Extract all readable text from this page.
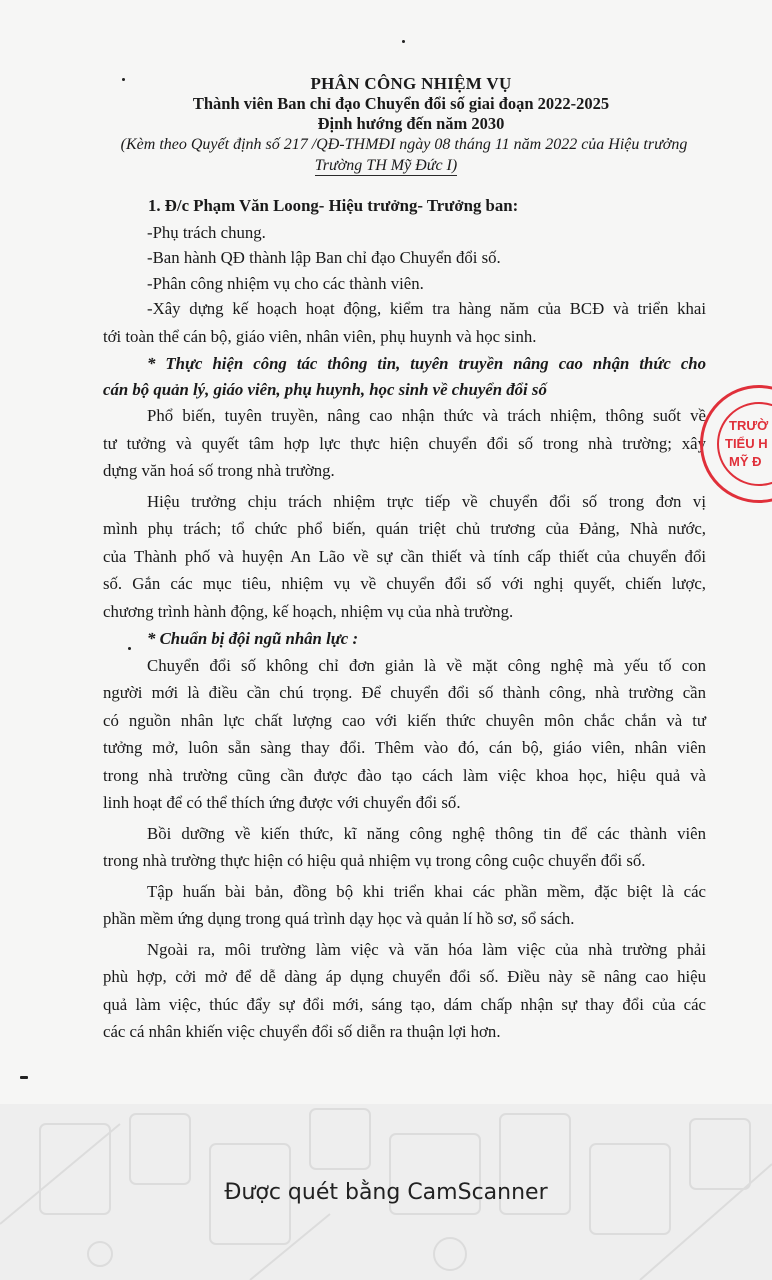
PHÂN CÔNG NHIỆM VỤ
Thành viên Ban chỉ đạo Chuyển đổi số giai đoạn 2022-2025
Định hướng đến năm 2030
(Kèm theo Quyết định số 217 /QĐ-THMĐI ngày 08 tháng 11 năm 2022 của Hiệu trưởng
Trường TH Mỹ Đức I)
1. Đ/c Phạm Văn Loong- Hiệu trưởng- Trưởng ban:
-Phụ trách chung.
-Ban hành QĐ thành lập Ban chỉ đạo Chuyển đổi số.
-Phân công nhiệm vụ cho các thành viên.
-Xây dựng kế hoạch hoạt động, kiểm tra hàng năm của BCĐ và triển khai
tới toàn thể cán bộ, giáo viên, nhân viên, phụ huynh và học sinh.
* Thực hiện công tác thông tin, tuyên truyền nâng cao nhận thức cho
cán bộ quản lý, giáo viên, phụ huynh, học sinh về chuyển đổi số
Phổ biến, tuyên truyền, nâng cao nhận thức và trách nhiệm, thông suốt về
tư tưởng và quyết tâm hợp lực thực hiện chuyển đổi số trong nhà trường; xây
dựng văn hoá số trong nhà trường.
Hiệu trưởng chịu trách nhiệm trực tiếp về chuyển đổi số trong đơn vị
mình phụ trách; tổ chức phổ biến, quán triệt chủ trương của Đảng, Nhà nước,
của Thành phố và huyện An Lão về sự cần thiết và tính cấp thiết của chuyển đổi
số. Gắn các mục tiêu, nhiệm vụ về chuyển đổi số với nghị quyết, chiến lược,
chương trình hành động, kế hoạch, nhiệm vụ của nhà trường.
* Chuẩn bị đội ngũ nhân lực :
Chuyển đổi số không chỉ đơn giản là về mặt công nghệ mà yếu tố con
người mới là điều cần chú trọng. Để chuyển đổi số thành công, nhà trường cần
có nguồn nhân lực chất lượng cao với kiến thức chuyên môn chắc chắn và tư
tưởng mở, luôn sẵn sàng thay đổi. Thêm vào đó, cán bộ, giáo viên, nhân viên
trong nhà trường cũng cần được đào tạo cách làm việc khoa học, hiệu quả và
linh hoạt để có thể thích ứng được với chuyển đổi số.
Bồi dưỡng về kiến thức, kĩ năng công nghệ thông tin để các thành viên
trong nhà trường thực hiện có hiệu quả nhiệm vụ trong công cuộc chuyển đổi số.
Tập huấn bài bản, đồng bộ khi triển khai các phần mềm, đặc biệt là các
phần mềm ứng dụng trong quá trình dạy học và quản lí hồ sơ, sổ sách.
Ngoài ra, môi trường làm việc và văn hóa làm việc của nhà trường phải
phù hợp, cởi mở để dễ dàng áp dụng chuyển đổi số. Điều này sẽ nâng cao hiệu
quả làm việc, thúc đẩy sự đổi mới, sáng tạo, dám chấp nhận sự thay đổi của các
các cá nhân khiến việc chuyển đổi số diễn ra thuận lợi hơn.
TRƯỜ
TIỂU H
MỸ Đ
Được quét bằng CamScanner
